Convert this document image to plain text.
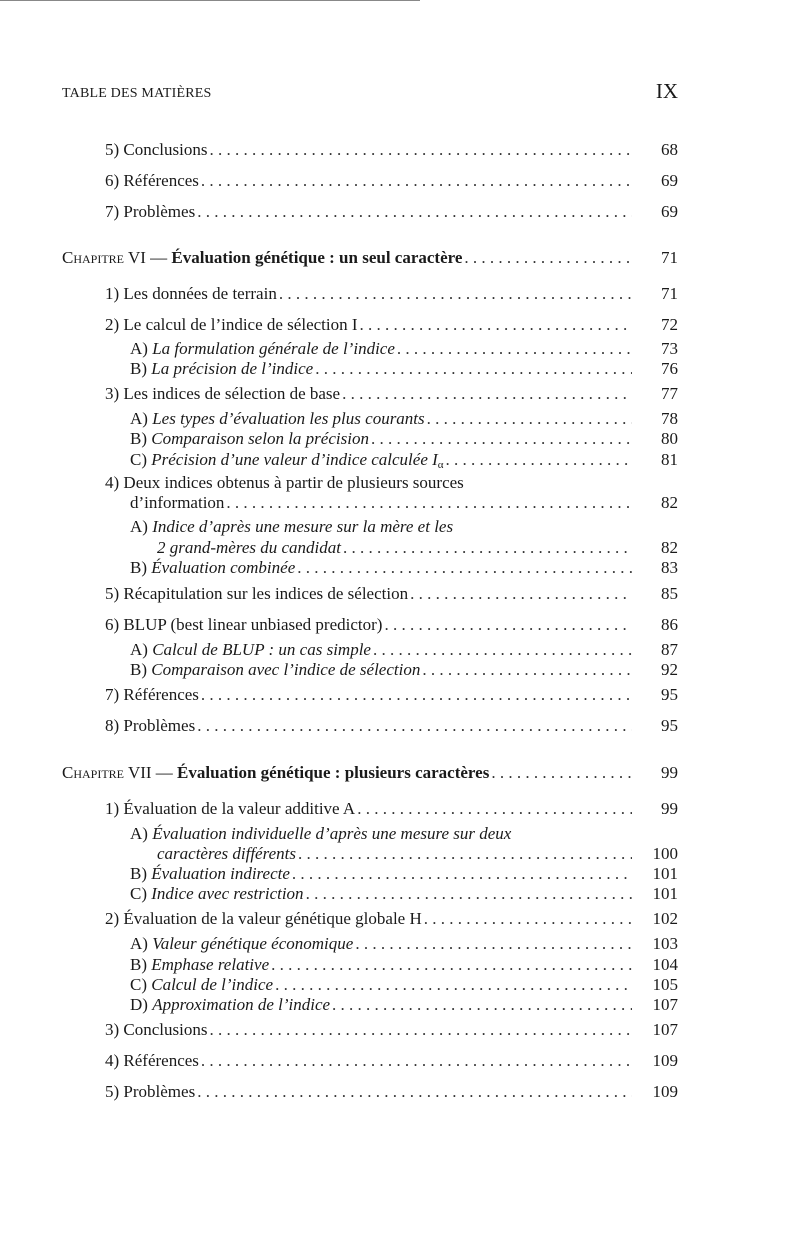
TABLE DES MATIÈRES	IX
5) Conclusions . . .	68
6) Références . . .	69
7) Problèmes . . .	69
Chapitre VI — Évaluation génétique : un seul caractère . . .	71
1) Les données de terrain . . .	71
2) Le calcul de l’indice de sélection I . . .	72
A) La formulation générale de l’indice . . .	73
B) La précision de l’indice . . .	76
3) Les indices de sélection de base . . .	77
A) Les types d’évaluation les plus courants . . .	78
B) Comparaison selon la précision . . .	80
C) Précision d’une valeur d’indice calculée $I_\alpha$ . . .	81
4) Deux indices obtenus à partir de plusieurs sources
d’information . . .	82
A) Indice d’après une mesure sur la mère et les
2 grand-mères du candidat . . .	82
B) Évaluation combinée . . .	83
5) Récapitulation sur les indices de sélection . . .	85
6) BLUP (best linear unbiased predictor) . . .	86
A) Calcul de BLUP : un cas simple . . .	87
B) Comparaison avec l’indice de sélection . . .	92
7) Références . . .	95
8) Problèmes . . .	95
Chapitre VII — Évaluation génétique : plusieurs caractères . . .	99
1) Évaluation de la valeur additive A . . .	99
A) Évaluation individuelle d’après une mesure sur deux
caractères différents . . .	100
B) Évaluation indirecte . . .	101
C) Indice avec restriction . . .	101
2) Évaluation de la valeur génétique globale H . . .	102
A) Valeur génétique économique . . .	103
B) Emphase relative . . .	104
C) Calcul de l’indice . . .	105
D) Approximation de l’indice . . .	107
3) Conclusions . . .	107
4) Références . . .	109
5) Problèmes . . .	109
